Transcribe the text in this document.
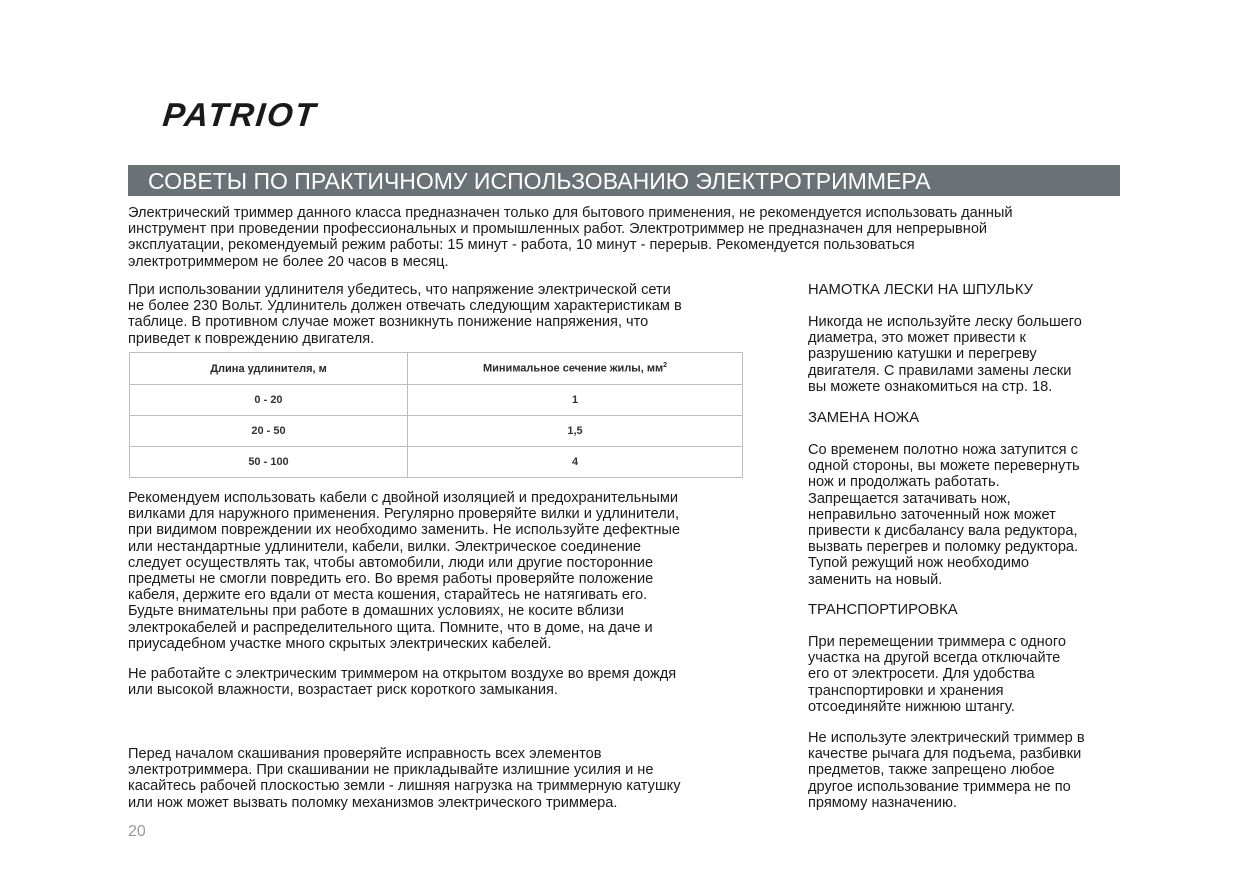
PATRIOT
СОВЕТЫ ПО ПРАКТИЧНОМУ ИСПОЛЬЗОВАНИЮ ЭЛЕКТРОТРИММЕРА
Электрический триммер данного класса предназначен только для бытового применения, не рекомендуется использовать данный
инструмент при проведении профессиональных и промышленных работ. Электротриммер не предназначен для непрерывной
эксплуатации, рекомендуемый режим работы: 15 минут - работа, 10 минут - перерыв. Рекомендуется пользоваться
электротриммером не более 20 часов в месяц.
При использовании удлинителя убедитесь, что напряжение электрической сети
не более 230 Вольт. Удлинитель должен отвечать следующим характеристикам в
таблице. В противном случае может возникнуть понижение напряжения, что
приведет к повреждению двигателя.
Длина удлинителя, м	Минимальное сечение жилы, $мм^2$
0 - 20	1
20 - 50	1,5
50 - 100	4
Рекомендуем использовать кабели с двойной изоляцией и предохранительными
вилками для наружного применения. Регулярно проверяйте вилки и удлинители,
при видимом повреждении их необходимо заменить. Не используйте дефектные
или нестандартные удлинители, кабели, вилки. Электрическое соединение
следует осуществлять так, чтобы автомобили, люди или другие посторонние
предметы не смогли повредить его. Во время работы проверяйте положение
кабеля, держите его вдали от места кошения, старайтесь не натягивать его.
Будьте внимательны при работе в домашних условиях, не косите вблизи
электрокабелей и распределительного щита. Помните, что в доме, на даче и
приусадебном участке много скрытых электрических кабелей.
Не работайте с электрическим триммером на открытом воздухе во время дождя
или высокой влажности, возрастает риск короткого замыкания.
Перед началом скашивания проверяйте исправность всех элементов
электротриммера. При скашивании не прикладывайте излишние усилия и не
касайтесь рабочей плоскостью земли - лишняя нагрузка на триммерную катушку
или нож может вызвать поломку механизмов электрического триммера.
НАМОТКА ЛЕСКИ НА ШПУЛЬКУ
Никогда не используйте леску большего
диаметра, это может привести к
разрушению катушки и перегреву
двигателя. С правилами замены лески
вы можете ознакомиться на стр. 18.
ЗАМЕНА НОЖА
Со временем полотно ножа затупится с
одной стороны, вы можете перевернуть
нож и продолжать работать.
Запрещается затачивать нож,
неправильно заточенный нож может
привести к дисбалансу вала редуктора,
вызвать перегрев и поломку редуктора.
Тупой режущий нож необходимо
заменить на новый.
ТРАНСПОРТИРОВКА
При перемещении триммера с одного
участка на другой всегда отключайте
его от электросети. Для удобства
транспортировки и хранения
отсоединяйте нижнюю штангу.
Не используте электрический триммер в
качестве рычага для подъема, разбивки
предметов, также запрещено любое
другое использование триммера не по
прямому назначению.
20
